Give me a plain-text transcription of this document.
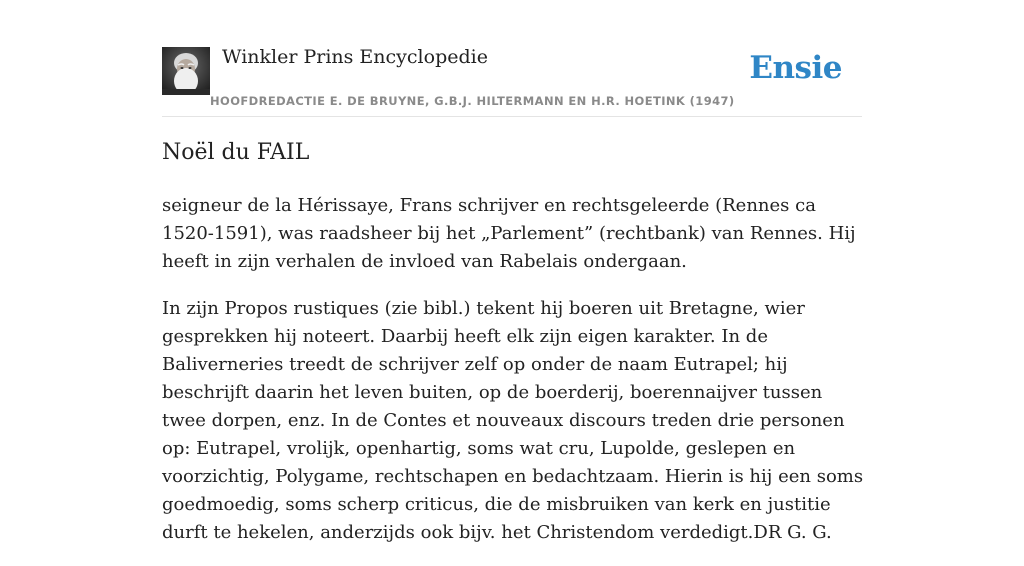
Winkler Prins Encyclopedie
HOOFDREDACTIE E. DE BRUYNE, G.B.J. HILTERMANN EN H.R. HOETINK (1947)
Ensie
Noël du FAIL

seigneur de la Hérissaye, Frans schrijver en rechtsgeleerde (Rennes ca 1520-1591), was raadsheer bij het „Parlement” (rechtbank) van Rennes. Hij heeft in zijn verhalen de invloed van Rabelais ondergaan.

In zijn Propos rustiques (zie bibl.) tekent hij boeren uit Bretagne, wier gesprekken hij noteert. Daarbij heeft elk zijn eigen karakter. In de Baliverneries treedt de schrijver zelf op onder de naam Eutrapel; hij beschrijft daarin het leven buiten, op de boerderij, boerennaijver tussen twee dorpen, enz. In de Contes et nouveaux discours treden drie personen op: Eutrapel, vrolijk, openhartig, soms wat cru, Lupolde, geslepen en voorzichtig, Polygame, rechtschapen en bedachtzaam. Hierin is hij een soms goedmoedig, soms scherp criticus, die de misbruiken van kerk en justitie durft te hekelen, anderzijds ook bijv. het Christendom verdedigt.DR G. G.
